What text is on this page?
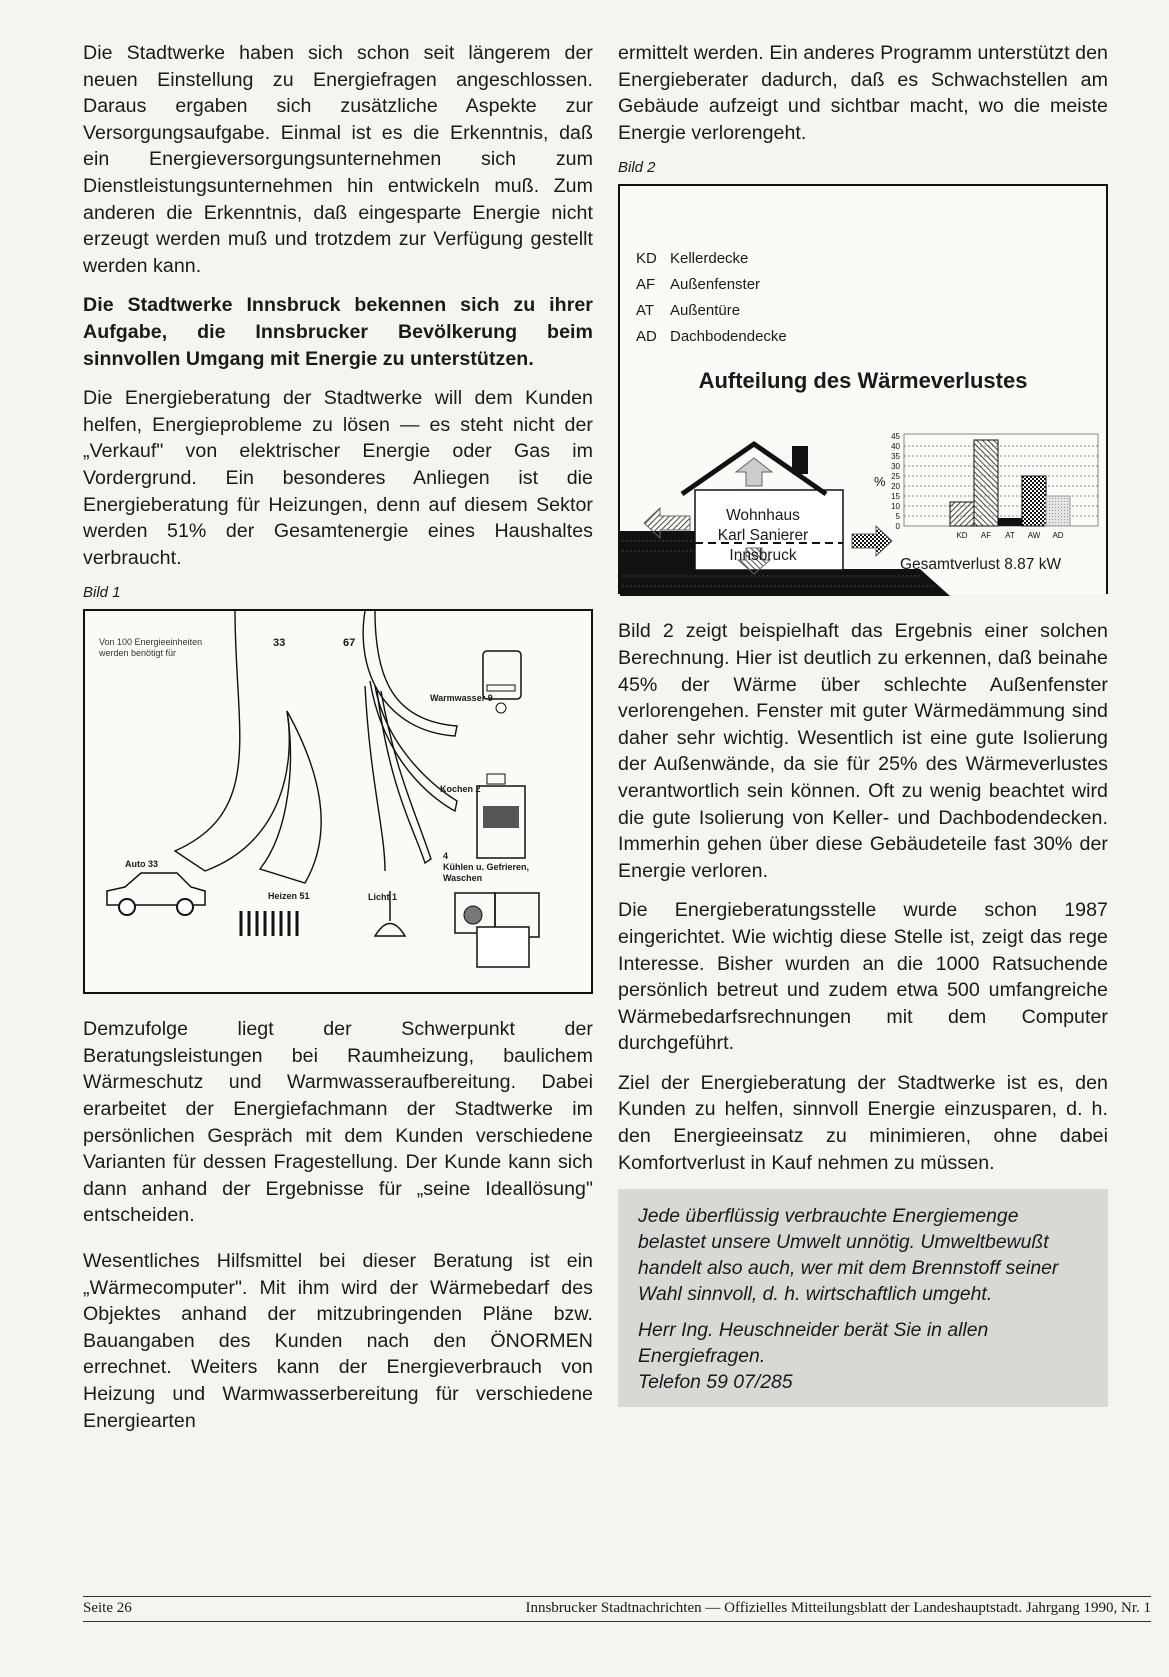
Die Stadtwerke haben sich schon seit längerem der neuen Einstellung zu Energiefragen angeschlossen. Daraus ergaben sich zusätzliche Aspekte zur Versorgungsaufgabe. Einmal ist es die Erkenntnis, daß ein Energieversorgungsunternehmen sich zum Dienstleistungsunternehmen hin entwickeln muß. Zum anderen die Erkenntnis, daß eingesparte Energie nicht erzeugt werden muß und trotzdem zur Verfügung gestellt werden kann.

Die Stadtwerke Innsbruck bekennen sich zu ihrer Aufgabe, die Innsbrucker Bevölkerung beim sinnvollen Umgang mit Energie zu unterstützen.

Die Energieberatung der Stadtwerke will dem Kunden helfen, Energieprobleme zu lösen — es steht nicht der „Verkauf" von elektrischer Energie oder Gas im Vordergrund. Ein besonderes Anliegen ist die Energieberatung für Heizungen, denn auf diesem Sektor werden 51% der Gesamtenergie eines Haushaltes verbraucht.

Bild 1
Von 100 Energieeinheiten werden benötigt für
33	67
Warmwasser 9
Kochen 2
4
Kühlen u. Gefrieren,
Waschen
Licht 1
Heizen 51
Auto 33

Demzufolge liegt der Schwerpunkt der Beratungsleistungen bei Raumheizung, baulichem Wärmeschutz und Warmwasseraufbereitung. Dabei erarbeitet der Energiefachmann der Stadtwerke im persönlichen Gespräch mit dem Kunden verschiedene Varianten für dessen Fragestellung. Der Kunde kann sich dann anhand der Ergebnisse für „seine Ideallösung" entscheiden.

Wesentliches Hilfsmittel bei dieser Beratung ist ein „Wärmecomputer". Mit ihm wird der Wärmebedarf des Objektes anhand der mitzubringenden Pläne bzw. Bauangaben des Kunden nach den ÖNORMEN errechnet. Weiters kann der Energieverbrauch von Heizung und Warmwasserbereitung für verschiedene Energiearten

ermittelt werden. Ein anderes Programm unterstützt den Energieberater dadurch, daß es Schwachstellen am Gebäude aufzeigt und sichtbar macht, wo die meiste Energie verlorengeht.

Bild 2
KD Kellerdecke
AF Außenfenster
AT Außentüre
AD Dachbodendecke
Aufteilung des Wärmeverlustes
0
5
10
15
20
25
30
35
40
45
%
KD AF AT AW AD
Wohnhaus
Karl Sanierer
Innsbruck
Gesamtverlust 8.87 kW

Bild 2 zeigt beispielhaft das Ergebnis einer solchen Berechnung. Hier ist deutlich zu erkennen, daß beinahe 45% der Wärme über schlechte Außenfenster verlorengehen. Fenster mit guter Wärmedämmung sind daher sehr wichtig. Wesentlich ist eine gute Isolierung der Außenwände, da sie für 25% des Wärmeverlustes verantwortlich sein können. Oft zu wenig beachtet wird die gute Isolierung von Keller- und Dachbodendecken. Immerhin gehen über diese Gebäudeteile fast 30% der Energie verloren.

Die Energieberatungsstelle wurde schon 1987 eingerichtet. Wie wichtig diese Stelle ist, zeigt das rege Interesse. Bisher wurden an die 1000 Ratsuchende persönlich betreut und zudem etwa 500 umfangreiche Wärmebedarfsrechnungen mit dem Computer durchgeführt.

Ziel der Energieberatung der Stadtwerke ist es, den Kunden zu helfen, sinnvoll Energie einzusparen, d. h. den Energieeinsatz zu minimieren, ohne dabei Komfortverlust in Kauf nehmen zu müssen.

Jede überflüssig verbrauchte Energiemenge belastet unsere Umwelt unnötig. Umweltbewußt handelt also auch, wer mit dem Brennstoff seiner Wahl sinnvoll, d. h. wirtschaftlich umgeht.

Herr Ing. Heuschneider berät Sie in allen Energiefragen.

Telefon 59 07/285

Seite 26	Innsbrucker Stadtnachrichten — Offizielles Mitteilungsblatt der Landeshauptstadt. Jahrgang 1990, Nr. 1
